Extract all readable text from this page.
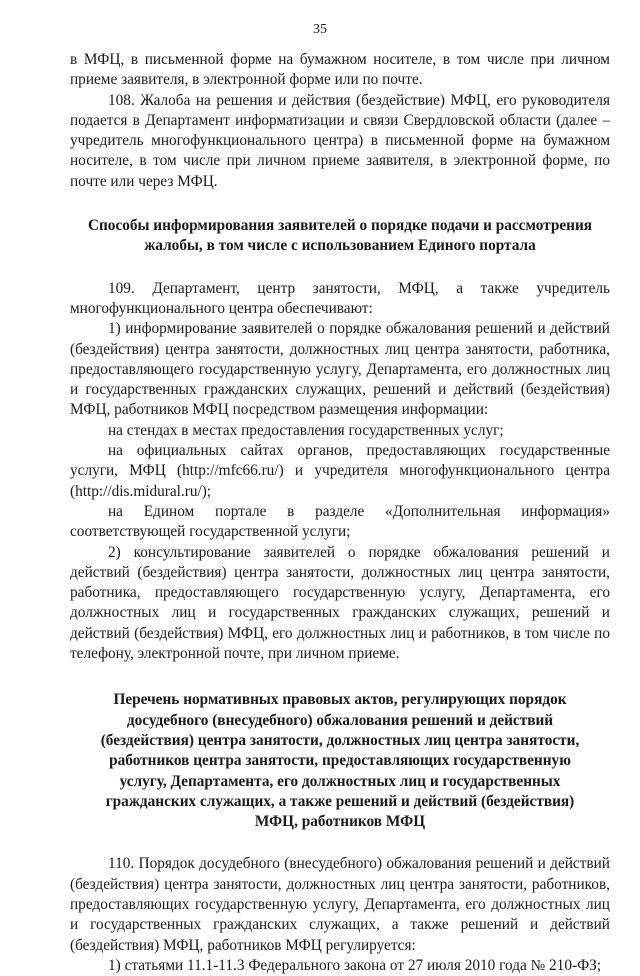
35

в МФЦ, в письменной форме на бумажном носителе, в том числе при личном приеме заявителя, в электронной форме или по почте.

108. Жалоба на решения и действия (бездействие) МФЦ, его руководителя подается в Департамент информатизации и связи Свердловской области (далее – учредитель многофункционального центра) в письменной форме на бумажном носителе, в том числе при личном приеме заявителя, в электронной форме, по почте или через МФЦ.

Способы информирования заявителей о порядке подачи и рассмотрения жалобы, в том числе с использованием Единого портала

109. Департамент, центр занятости, МФЦ, а также учредитель многофункционального центра обеспечивают:

1) информирование заявителей о порядке обжалования решений и действий (бездействия) центра занятости, должностных лиц центра занятости, работника, предоставляющего государственную услугу, Департамента, его должностных лиц и государственных гражданских служащих, решений и действий (бездействия) МФЦ, работников МФЦ посредством размещения информации:

на стендах в местах предоставления государственных услуг;

на официальных сайтах органов, предоставляющих государственные услуги, МФЦ (http://mfc66.ru/) и учредителя многофункционального центра (http://dis.midural.ru/);

на Едином портале в разделе «Дополнительная информация» соответствующей государственной услуги;

2) консультирование заявителей о порядке обжалования решений и действий (бездействия) центра занятости, должностных лиц центра занятости, работника, предоставляющего государственную услугу, Департамента, его должностных лиц и государственных гражданских служащих, решений и действий (бездействия) МФЦ, его должностных лиц и работников, в том числе по телефону, электронной почте, при личном приеме.

Перечень нормативных правовых актов, регулирующих порядок досудебного (внесудебного) обжалования решений и действий (бездействия) центра занятости, должностных лиц центра занятости, работников центра занятости, предоставляющих государственную услугу, Департамента, его должностных лиц и государственных гражданских служащих, а также решений и действий (бездействия) МФЦ, работников МФЦ

110. Порядок досудебного (внесудебного) обжалования решений и действий (бездействия) центра занятости, должностных лиц центра занятости, работников, предоставляющих государственную услугу, Департамента, его должностных лиц и государственных гражданских служащих, а также решений и действий (бездействия) МФЦ, работников МФЦ регулируется:

1) статьями 11.1-11.3 Федерального закона от 27 июля 2010 года № 210-ФЗ;
